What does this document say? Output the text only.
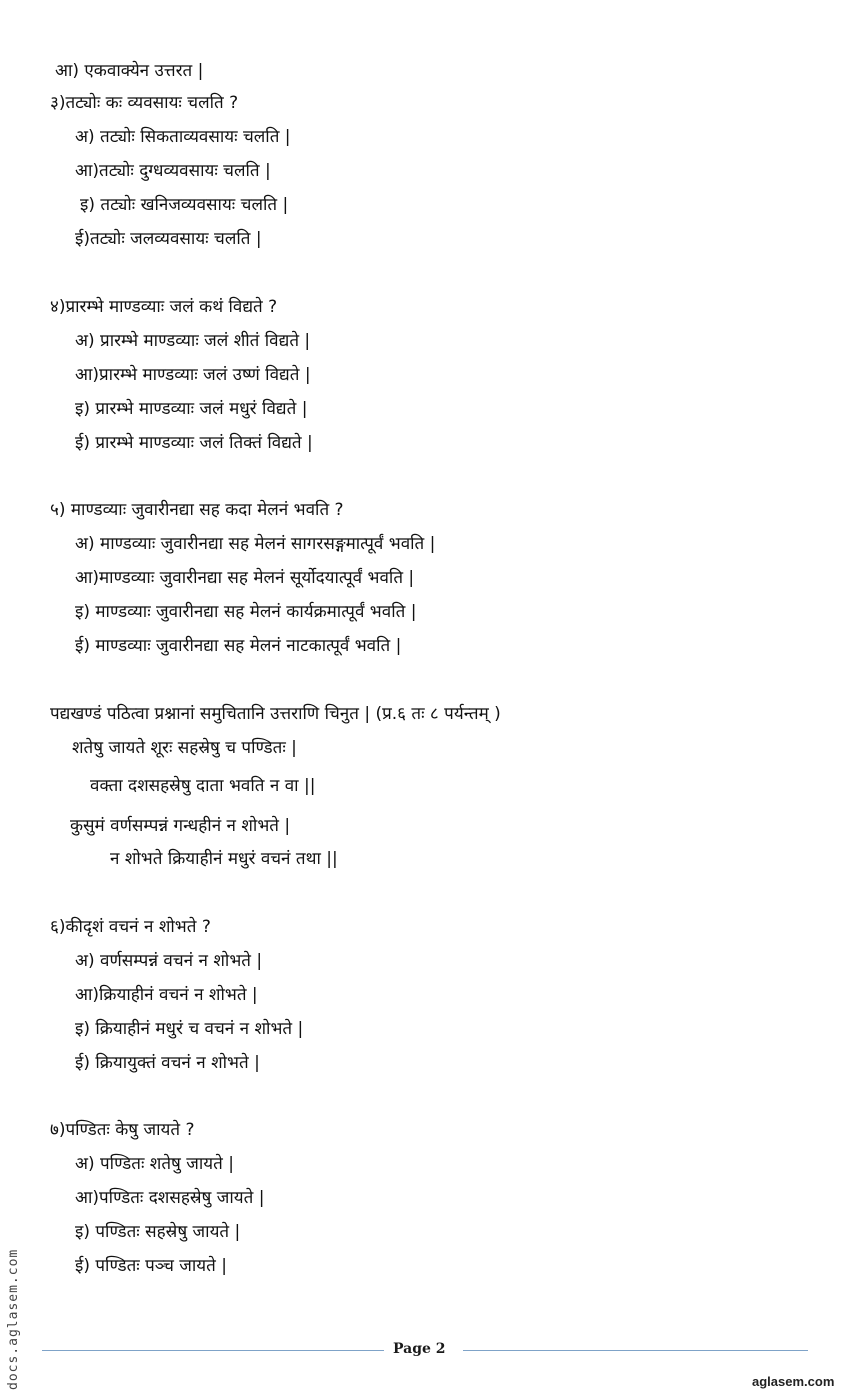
आ) एकवाक्येन उत्तरत |
३)तट्योः कः व्यवसायः चलति ?
अ) तट्योः सिकताव्यवसायः चलति |
आ)तट्योः दुग्धव्यवसायः चलति |
इ) तट्योः खनिजव्यवसायः चलति |
ई)तट्योः जलव्यवसायः चलति |
४)प्रारम्भे माण्डव्याः जलं कथं विद्यते ?
अ) प्रारम्भे माण्डव्याः जलं शीतं विद्यते |
आ)प्रारम्भे माण्डव्याः जलं उष्णं विद्यते |
इ) प्रारम्भे माण्डव्याः जलं मधुरं विद्यते |
ई) प्रारम्भे माण्डव्याः जलं तिक्तं विद्यते |
५) माण्डव्याः जुवारीनद्या सह कदा मेलनं भवति ?
अ) माण्डव्याः जुवारीनद्या सह मेलनं सागरसङ्गमात्पूर्वं भवति |
आ)माण्डव्याः जुवारीनद्या सह मेलनं सूर्योदयात्पूर्वं भवति |
इ) माण्डव्याः जुवारीनद्या सह मेलनं कार्यक्रमात्पूर्वं भवति |
ई) माण्डव्याः जुवारीनद्या सह मेलनं नाटकात्पूर्वं भवति |
पद्यखण्डं पठित्वा प्रश्नानां समुचितानि उत्तराणि चिनुत | (प्र.६ तः ८ पर्यन्तम् )
शतेषु जायते शूरः सहस्रेषु च पण्डितः |
वक्ता दशसहस्रेषु दाता भवति न वा ||
कुसुमं वर्णसम्पन्नं गन्धहीनं न शोभते |
न शोभते क्रियाहीनं मधुरं वचनं तथा ||
६)कीदृशं वचनं न शोभते ?
अ) वर्णसम्पन्नं वचनं न शोभते |
आ)क्रियाहीनं वचनं न शोभते |
इ) क्रियाहीनं मधुरं च वचनं न शोभते |
ई) क्रियायुक्तं वचनं न शोभते |
७)पण्डितः केषु जायते ?
अ) पण्डितः शतेषु जायते |
आ)पण्डितः दशसहस्रेषु जायते |
इ) पण्डितः सहस्रेषु जायते |
ई) पण्डितः पञ्च जायते |
Page 2
docs.aglasem.com	aglasem.com
